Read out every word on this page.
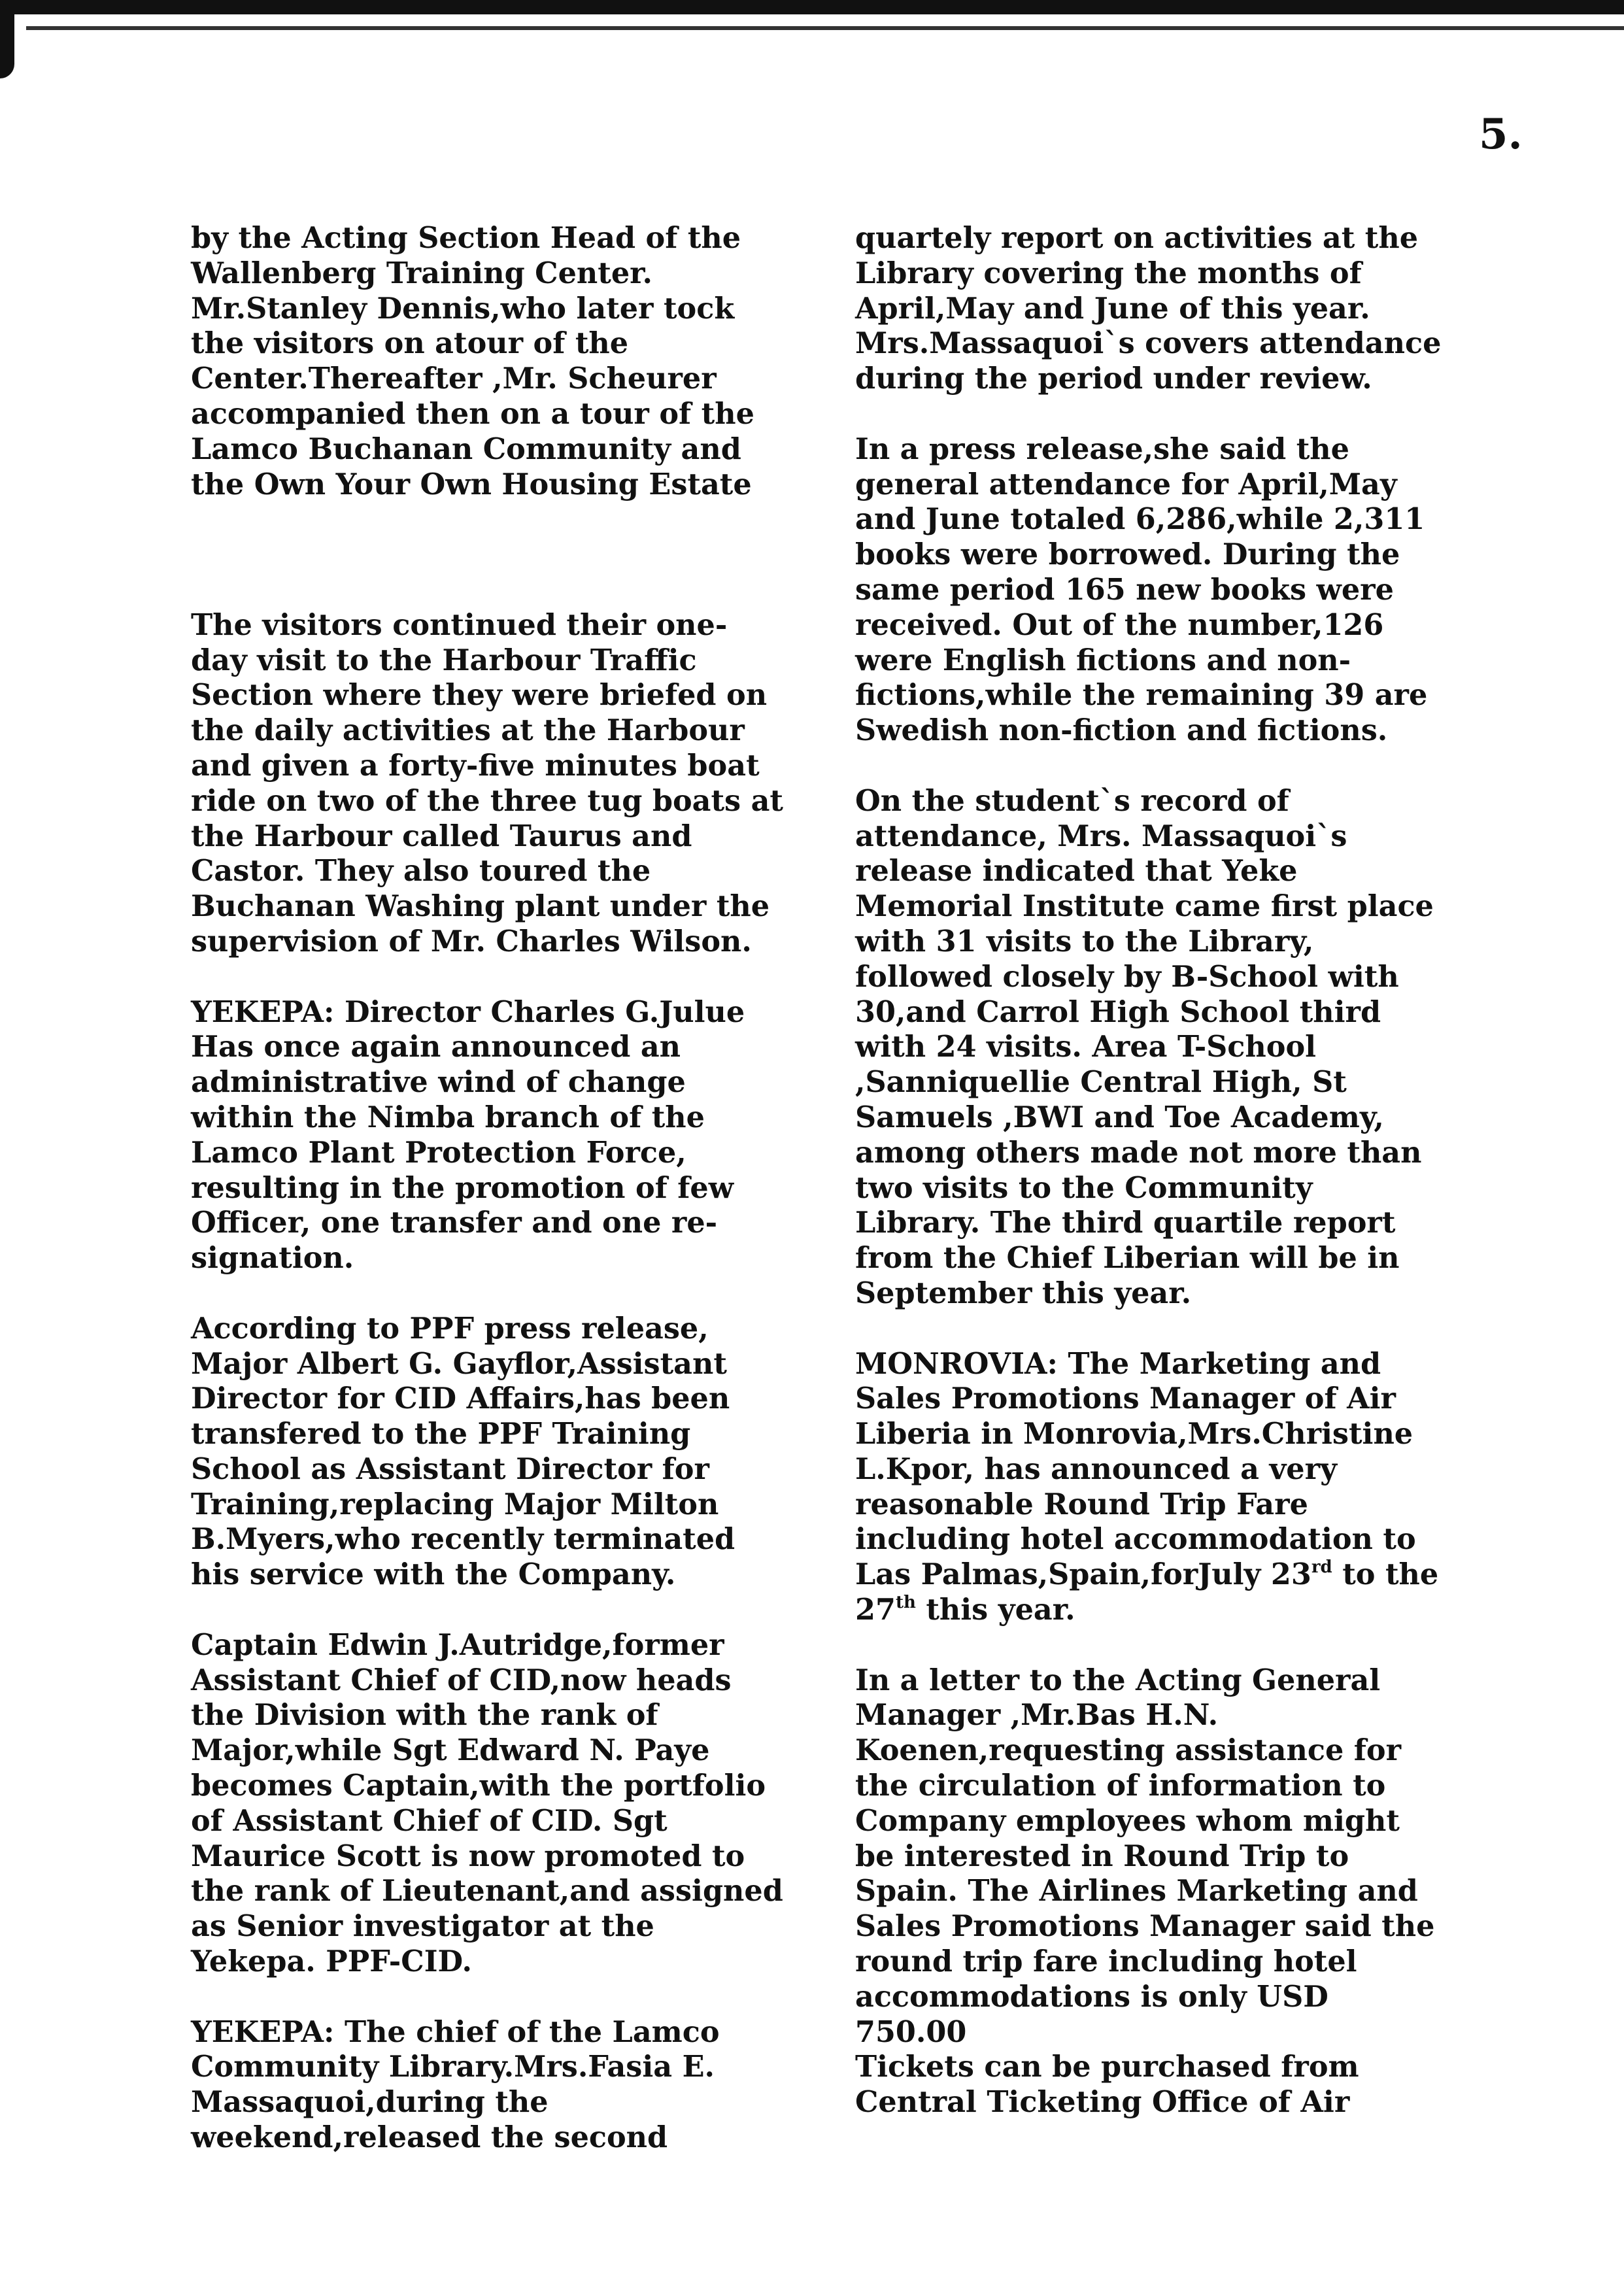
5.
by the Acting Section Head of the
Wallenberg Training Center.
Mr.Stanley Dennis,who later tock
the visitors on atour of the
Center.Thereafter ,Mr. Scheurer
accompanied then on a tour of the
Lamco Buchanan Community and
the Own Your Own Housing Estate
The visitors continued their one-
day visit to the Harbour Traffic
Section where they were briefed on
the daily activities at the Harbour
and given a forty-five minutes boat
ride on two of the three tug boats at
the Harbour called Taurus and
Castor. They also toured the
Buchanan Washing plant under the
supervision of Mr. Charles Wilson.
YEKEPA: Director Charles G.Julue
Has once again announced an
administrative wind of change
within the Nimba branch of the
Lamco Plant Protection Force,
resulting in the promotion of few
Officer, one transfer and one re-
signation.
According to PPF press release,
Major Albert G. Gayflor,Assistant
Director for CID Affairs,has been
transfered to the PPF Training
School as Assistant Director for
Training,replacing Major Milton
B.Myers,who recently terminated
his service with the Company.
Captain Edwin J.Autridge,former
Assistant Chief of CID,now heads
the Division with the rank of
Major,while Sgt Edward N. Paye
becomes Captain,with the portfolio
of Assistant Chief of CID. Sgt
Maurice Scott is now promoted to
the rank of Lieutenant,and assigned
as Senior investigator at the
Yekepa. PPF-CID.
YEKEPA: The chief of the Lamco
Community Library.Mrs.Fasia E.
Massaquoi,during the
weekend,released the second
quartely report on activities at the
Library covering the months of
April,May and June of this year.
Mrs.Massaquoi`s covers attendance
during the period under review.
In a press release,she said the
general attendance for April,May
and June totaled 6,286,while 2,311
books were borrowed. During the
same period 165 new books were
received. Out of the number,126
were English fictions and non-
fictions,while the remaining 39 are
Swedish non-fiction and fictions.
On the student`s record of
attendance, Mrs. Massaquoi`s
release indicated that Yeke
Memorial Institute came first place
with 31 visits to the Library,
followed closely by B-School with
30,and Carrol High School third
with 24 visits. Area T-School
,Sanniquellie Central High, St
Samuels ,BWI and Toe Academy,
among others made not more than
two visits to the Community
Library. The third quartile report
from the Chief Liberian will be in
September this year.
MONROVIA: The Marketing and
Sales Promotions Manager of Air
Liberia in Monrovia,Mrs.Christine
L.Kpor, has announced a very
reasonable Round Trip Fare
including hotel accommodation to
Las Palmas,Spain,forJuly 23rd to the
27th this year.
In a letter to the Acting General
Manager ,Mr.Bas H.N.
Koenen,requesting assistance for
the circulation of information to
Company employees whom might
be interested in Round Trip to
Spain. The Airlines Marketing and
Sales Promotions Manager said the
round trip fare including hotel
accommodations is only USD
750.00
Tickets can be purchased from
Central Ticketing Office of Air
